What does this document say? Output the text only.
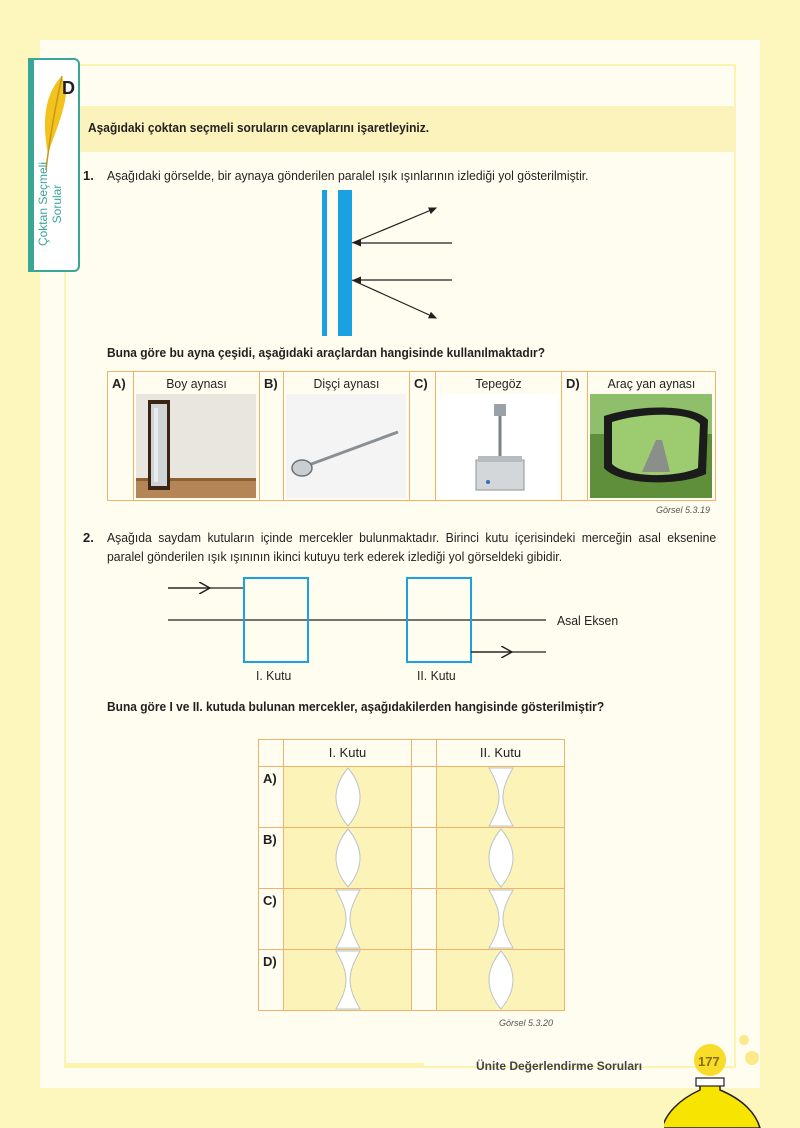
D
Çoktan Seçmeli Sorular
Aşağıdaki çoktan seçmeli soruların cevaplarını işaretleyiniz.
1. Aşağıdaki görselde, bir aynaya gönderilen paralel ışık ışınlarının izlediği yol gösterilmiştir.
Buna göre bu ayna çeşidi, aşağıdaki araçlardan hangisinde kullanılmaktadır?
A)	Boy aynası	B)	Dişçi aynası	C)	Tepegöz	D)	Araç yan aynası
Görsel 5.3.19
2. Aşağıda saydam kutuların içinde mercekler bulunmaktadır. Birinci kutu içerisindeki merceğin asal eksenine paralel gönderilen ışık ışınının ikinci kutuyu terk ederek izlediği yol görseldeki gibidir.
Asal Eksen
I. Kutu	II. Kutu
Buna göre I ve II. kutuda bulunan mercekler, aşağıdakilerden hangisinde gösterilmiştir?
I. Kutu	II. Kutu
A)
B)
C)
D)
Görsel 5.3.20
Ünite Değerlendirme Soruları	177
